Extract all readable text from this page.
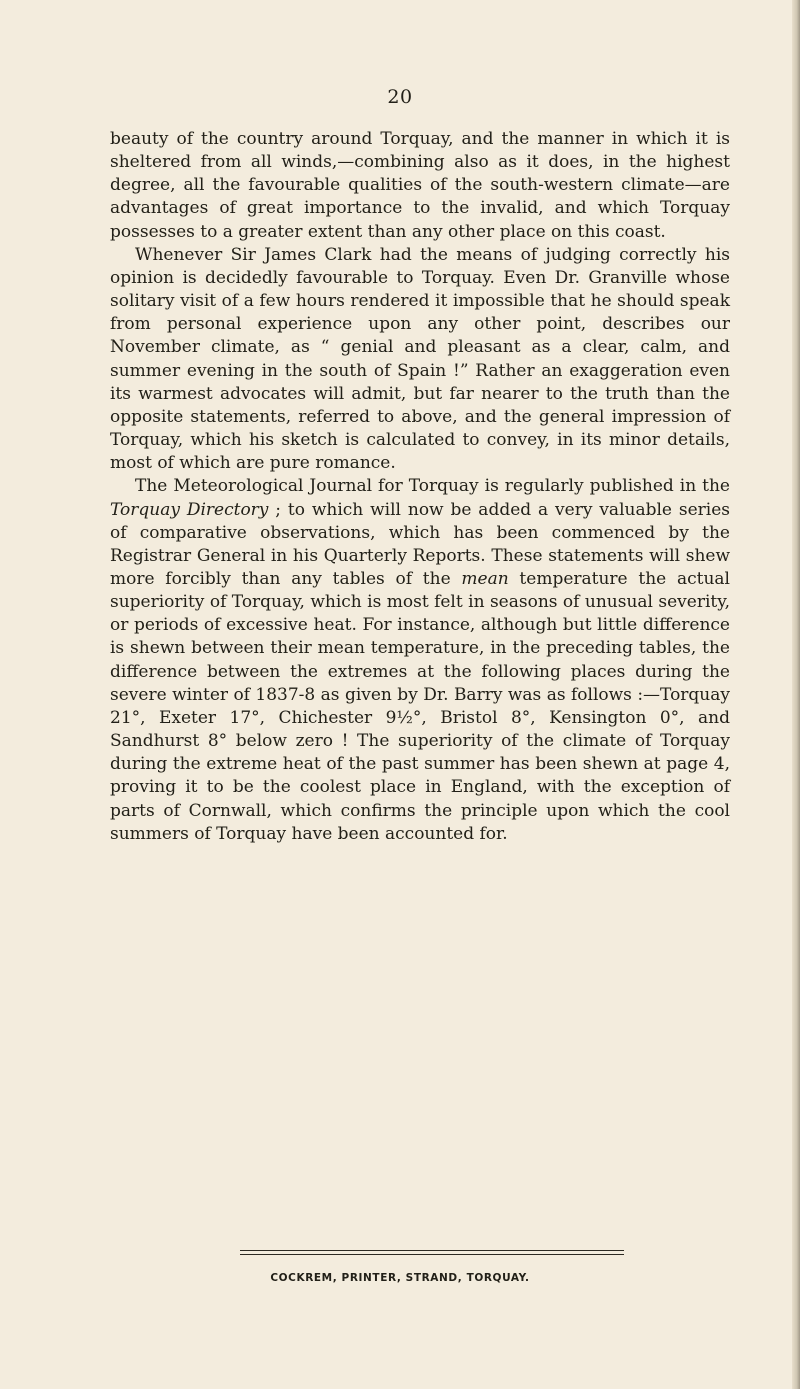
20

beauty of the country around Torquay, and the manner in which it is sheltered from all winds,—combining also as it does, in the highest degree, all the favourable qualities of the south-western climate—are advantages of great importance to the invalid, and which Torquay possesses to a greater extent than any other place on this coast.

Whenever Sir James Clark had the means of judging correctly his opinion is decidedly favourable to Torquay. Even Dr. Granville whose solitary visit of a few hours rendered it impossible that he should speak from personal experience upon any other point, describes our November climate, as “ genial and pleasant as a clear, calm, and summer evening in the south of Spain !” Rather an exaggeration even its warmest advocates will admit, but far nearer to the truth than the opposite statements, referred to above, and the general impression of Torquay, which his sketch is calculated to convey, in its minor details, most of which are pure romance.

The Meteorological Journal for Torquay is regularly published in the Torquay Directory ; to which will now be added a very valuable series of comparative observations, which has been commenced by the Registrar General in his Quarterly Reports. These statements will shew more forcibly than any tables of the mean temperature the actual superiority of Torquay, which is most felt in seasons of unusual severity, or periods of excessive heat. For instance, although but little difference is shewn between their mean temperature, in the preceding tables, the difference between the extremes at the following places during the severe winter of 1837-8 as given by Dr. Barry was as follows :—Torquay 21°, Exeter 17°, Chichester 9½°, Bristol 8°, Kensington 0°, and Sandhurst 8° below zero ! The superiority of the climate of Torquay during the extreme heat of the past summer has been shewn at page 4, proving it to be the coolest place in England, with the exception of parts of Cornwall, which confirms the principle upon which the cool summers of Torquay have been accounted for.

COCKREM, PRINTER, STRAND, TORQUAY.
